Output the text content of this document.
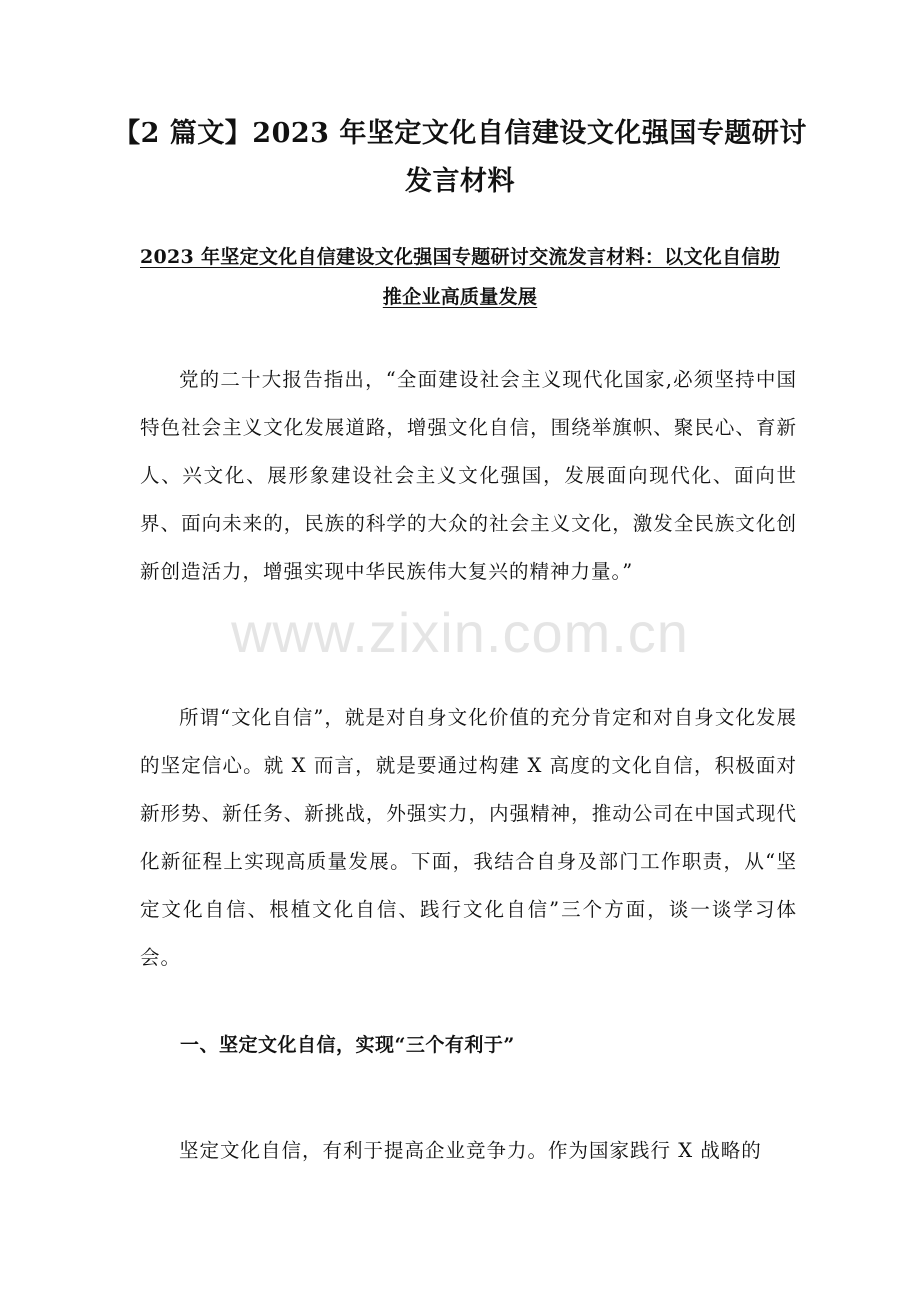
【2 篇文】2023 年坚定文化自信建设文化强国专题研讨发言材料
2023 年坚定文化自信建设文化强国专题研讨交流发言材料：以文化自信助推企业高质量发展

党的二十大报告指出，“全面建设社会主义现代化国家,必须坚持中国特色社会主义文化发展道路，增强文化自信，围绕举旗帜、聚民心、育新人、兴文化、展形象建设社会主义文化强国，发展面向现代化、面向世界、面向未来的，民族的科学的大众的社会主义文化，激发全民族文化创新创造活力，增强实现中华民族伟大复兴的精神力量。”

www.zixin.com.cn

所谓“文化自信”，就是对自身文化价值的充分肯定和对自身文化发展的坚定信心。就 X 而言，就是要通过构建 X 高度的文化自信，积极面对新形势、新任务、新挑战，外强实力，内强精神，推动公司在中国式现代化新征程上实现高质量发展。下面，我结合自身及部门工作职责，从“坚定文化自信、根植文化自信、践行文化自信”三个方面，谈一谈学习体会。

一、坚定文化自信，实现“三个有利于”

坚定文化自信，有利于提高企业竞争力。作为国家践行 X 战略的
